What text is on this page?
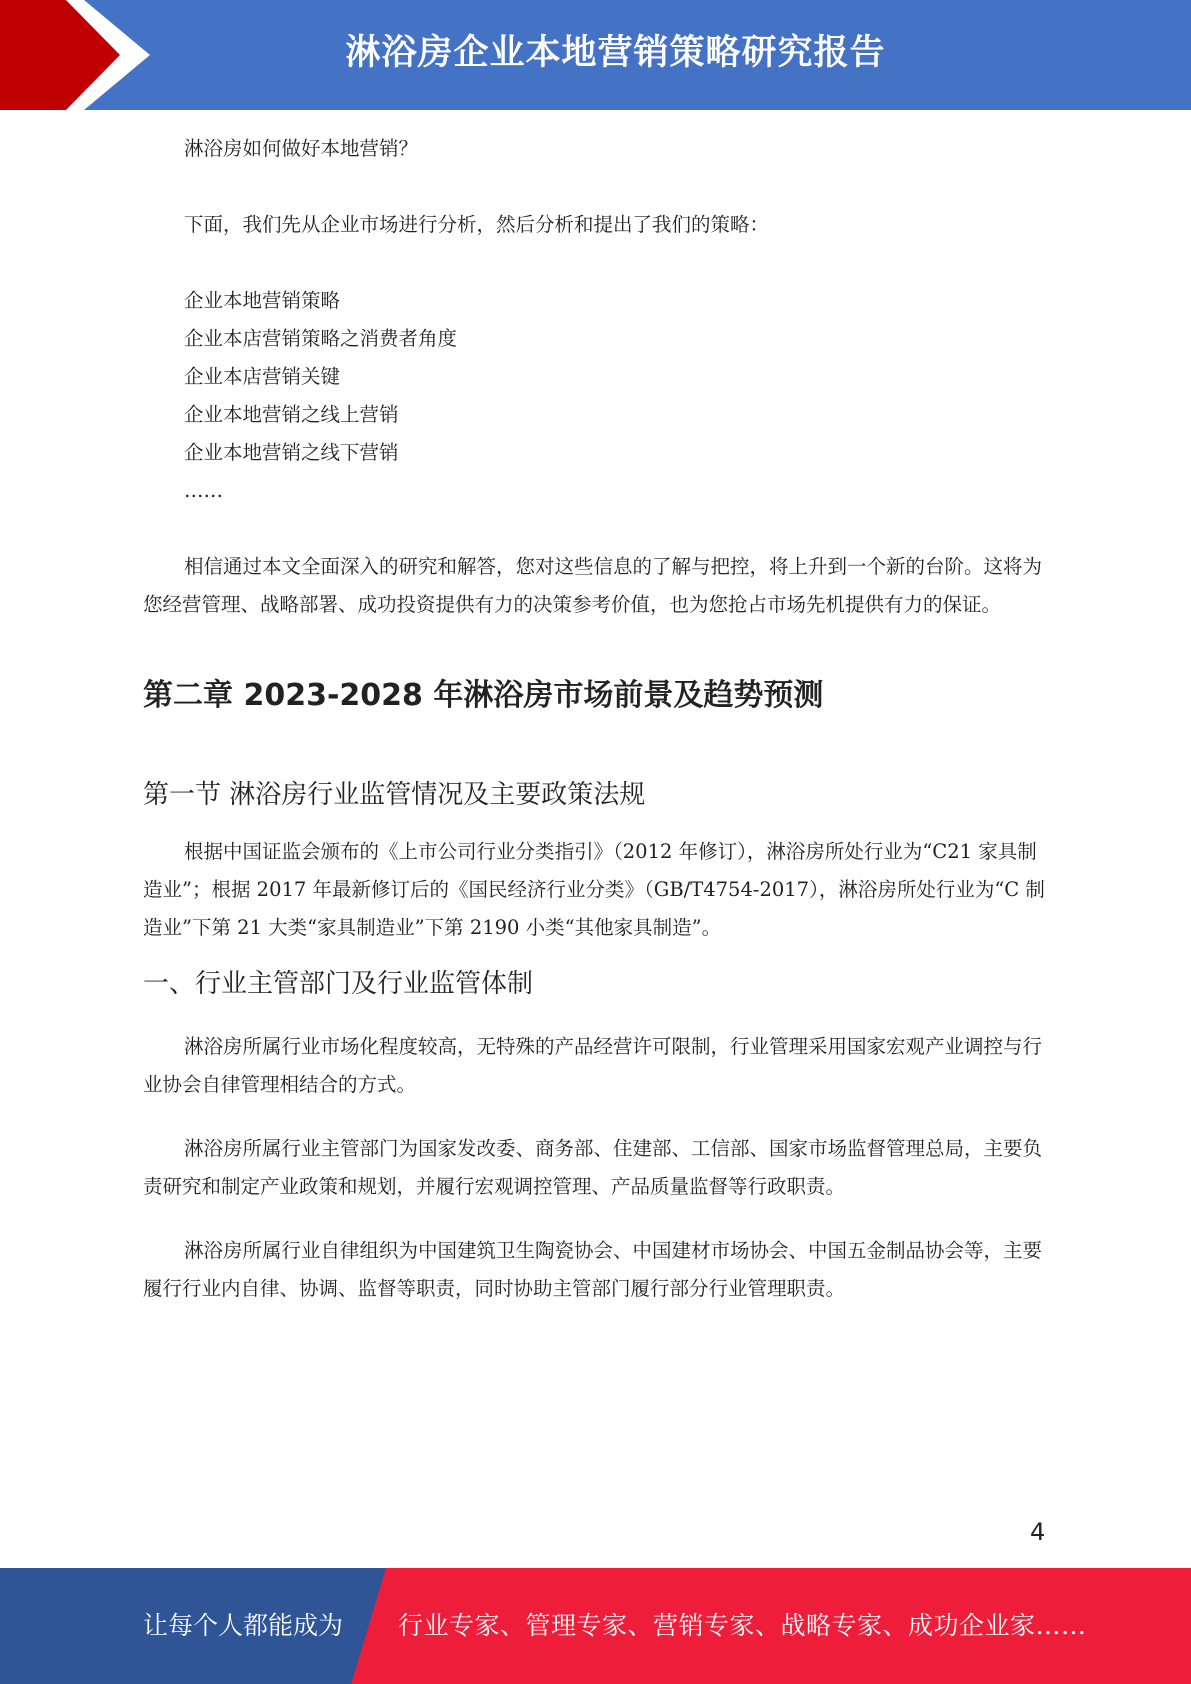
淋浴房企业本地营销策略研究报告

淋浴房如何做好本地营销？

下面，我们先从企业市场进行分析，然后分析和提出了我们的策略：

企业本地营销策略

企业本店营销策略之消费者角度

企业本店营销关键

企业本地营销之线上营销

企业本地营销之线下营销

……

相信通过本文全面深入的研究和解答，您对这些信息的了解与把控，将上升到一个新的台阶。这将为您经营管理、战略部署、成功投资提供有力的决策参考价值，也为您抢占市场先机提供有力的保证。

第二章 2023-2028 年淋浴房市场前景及趋势预测
第一节 淋浴房行业监管情况及主要政策法规

根据中国证监会颁布的《上市公司行业分类指引》（2012 年修订），淋浴房所处行业为“C21 家具制造业”；根据 2017 年最新修订后的《国民经济行业分类》（GB/T4754-2017），淋浴房所处行业为“C 制造业”下第 21 大类“家具制造业”下第 2190 小类“其他家具制造”。

一、行业主管部门及行业监管体制

淋浴房所属行业市场化程度较高，无特殊的产品经营许可限制，行业管理采用国家宏观产业调控与行业协会自律管理相结合的方式。

淋浴房所属行业主管部门为国家发改委、商务部、住建部、工信部、国家市场监督管理总局，主要负责研究和制定产业政策和规划，并履行宏观调控管理、产品质量监督等行政职责。

淋浴房所属行业自律组织为中国建筑卫生陶瓷协会、中国建材市场协会、中国五金制品协会等，主要履行行业内自律、协调、监督等职责，同时协助主管部门履行部分行业管理职责。

4
让每个人都能成为 行业专家、管理专家、营销专家、战略专家、成功企业家……
